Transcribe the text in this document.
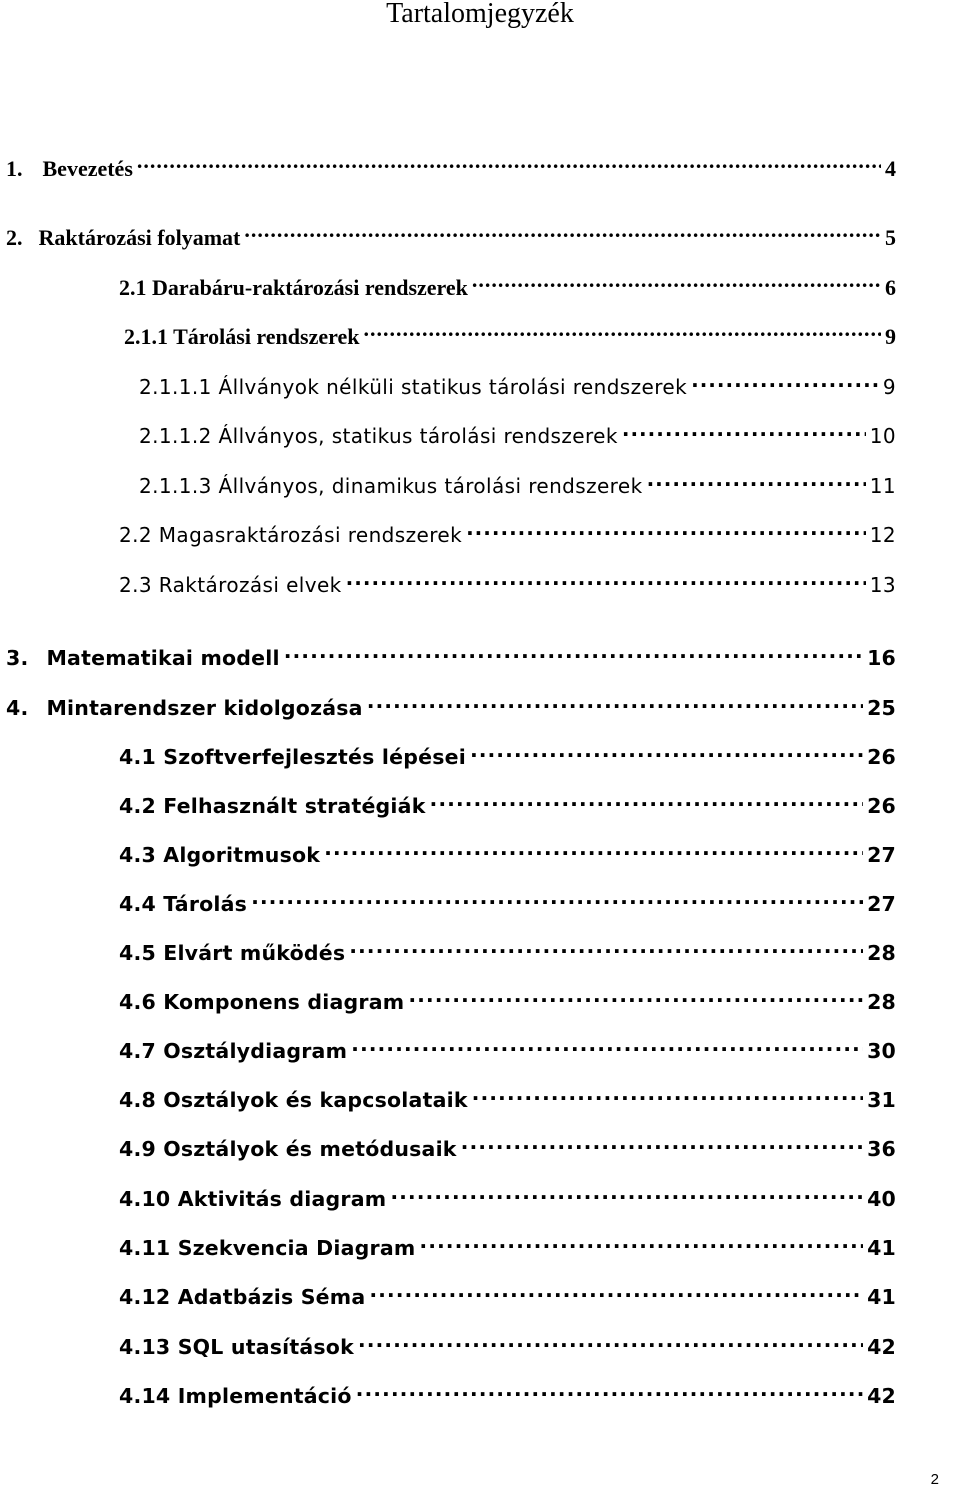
Tartalomjegyzék
1. Bevezetés .....	4
2. Raktározási folyamat .....	5
2.1 Darabáru-raktározási rendszerek .....	6
2.1.1 Tárolási rendszerek .....	9
2.1.1.1 Állványok nélküli statikus tárolási rendszerek .....	9
2.1.1.2 Állványos, statikus tárolási rendszerek .....	10
2.1.1.3 Állványos, dinamikus tárolási rendszerek .....	11
2.2 Magasraktározási rendszerek .....	12
2.3 Raktározási elvek .....	13
3. Matematikai modell .....	16
4. Mintarendszer kidolgozása .....	25
4.1 Szoftverfejlesztés lépései .....	26
4.2 Felhasznált stratégiák .....	26
4.3 Algoritmusok .....	27
4.4 Tárolás .....	27
4.5 Elvárt működés .....	28
4.6 Komponens diagram .....	28
4.7 Osztálydiagram .....	30
4.8 Osztályok és kapcsolataik .....	31
4.9 Osztályok és metódusaik .....	36
4.10 Aktivitás diagram .....	40
4.11 Szekvencia Diagram .....	41
4.12 Adatbázis Séma .....	41
4.13 SQL utasítások .....	42
4.14 Implementáció .....	42
2
